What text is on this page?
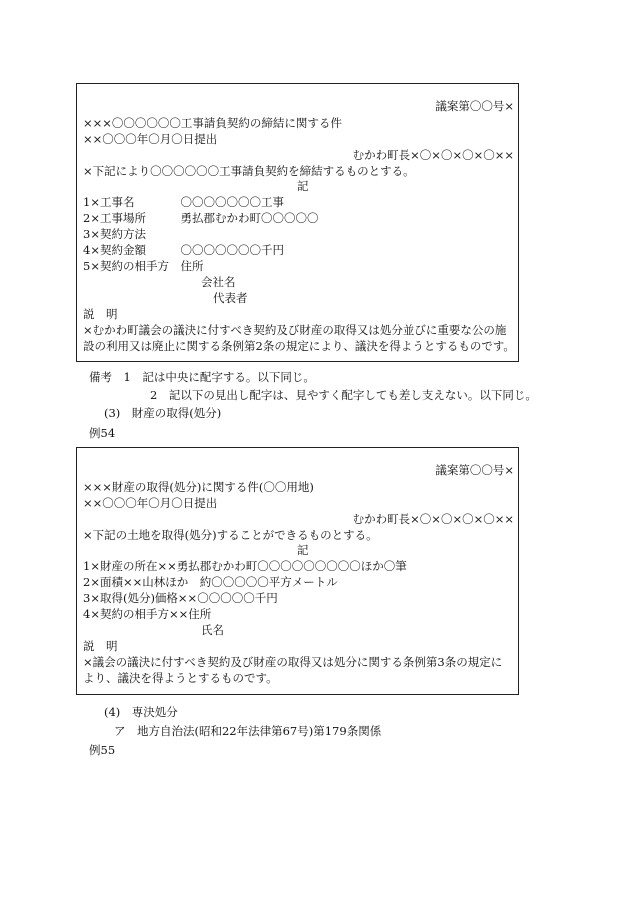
議案第〇〇号×
×××〇〇〇〇〇〇工事請負契約の締結に関する件
××〇〇〇年〇月〇日提出
むかわ町長×〇×〇×〇×〇××
×下記により〇〇〇〇〇〇工事請負契約を締結するものとする。
記
1×工事名　　　　〇〇〇〇〇〇〇工事
2×工事場所　　　勇払郡むかわ町〇〇〇〇〇
3×契約方法
4×契約金額　　　〇〇〇〇〇〇〇千円
5×契約の相手方　住所
会社名
代表者
説　明
×むかわ町議会の議決に付すべき契約及び財産の取得又は処分並びに重要な公の施
設の利用又は廃止に関する条例第2条の規定により、議決を得ようとするものです。
備考　1　記は中央に配字する。以下同じ。
2　記以下の見出し配字は、見やすく配字しても差し支えない。以下同じ。
(3)　財産の取得(処分)
例54
議案第〇〇号×
×××財産の取得(処分)に関する件(〇〇用地)
××〇〇〇年〇月〇日提出
むかわ町長×〇×〇×〇×〇××
×下記の土地を取得(処分)することができるものとする。
記
1×財産の所在××勇払郡むかわ町〇〇〇〇〇〇〇〇〇ほか〇筆
2×面積××山林ほか　約〇〇〇〇〇平方メートル
3×取得(処分)価格××〇〇〇〇〇千円
4×契約の相手方××住所
氏名
説　明
×議会の議決に付すべき契約及び財産の取得又は処分に関する条例第3条の規定に
より、議決を得ようとするものです。
(4)　専決処分
ア　地方自治法(昭和22年法律第67号)第179条関係
例55
